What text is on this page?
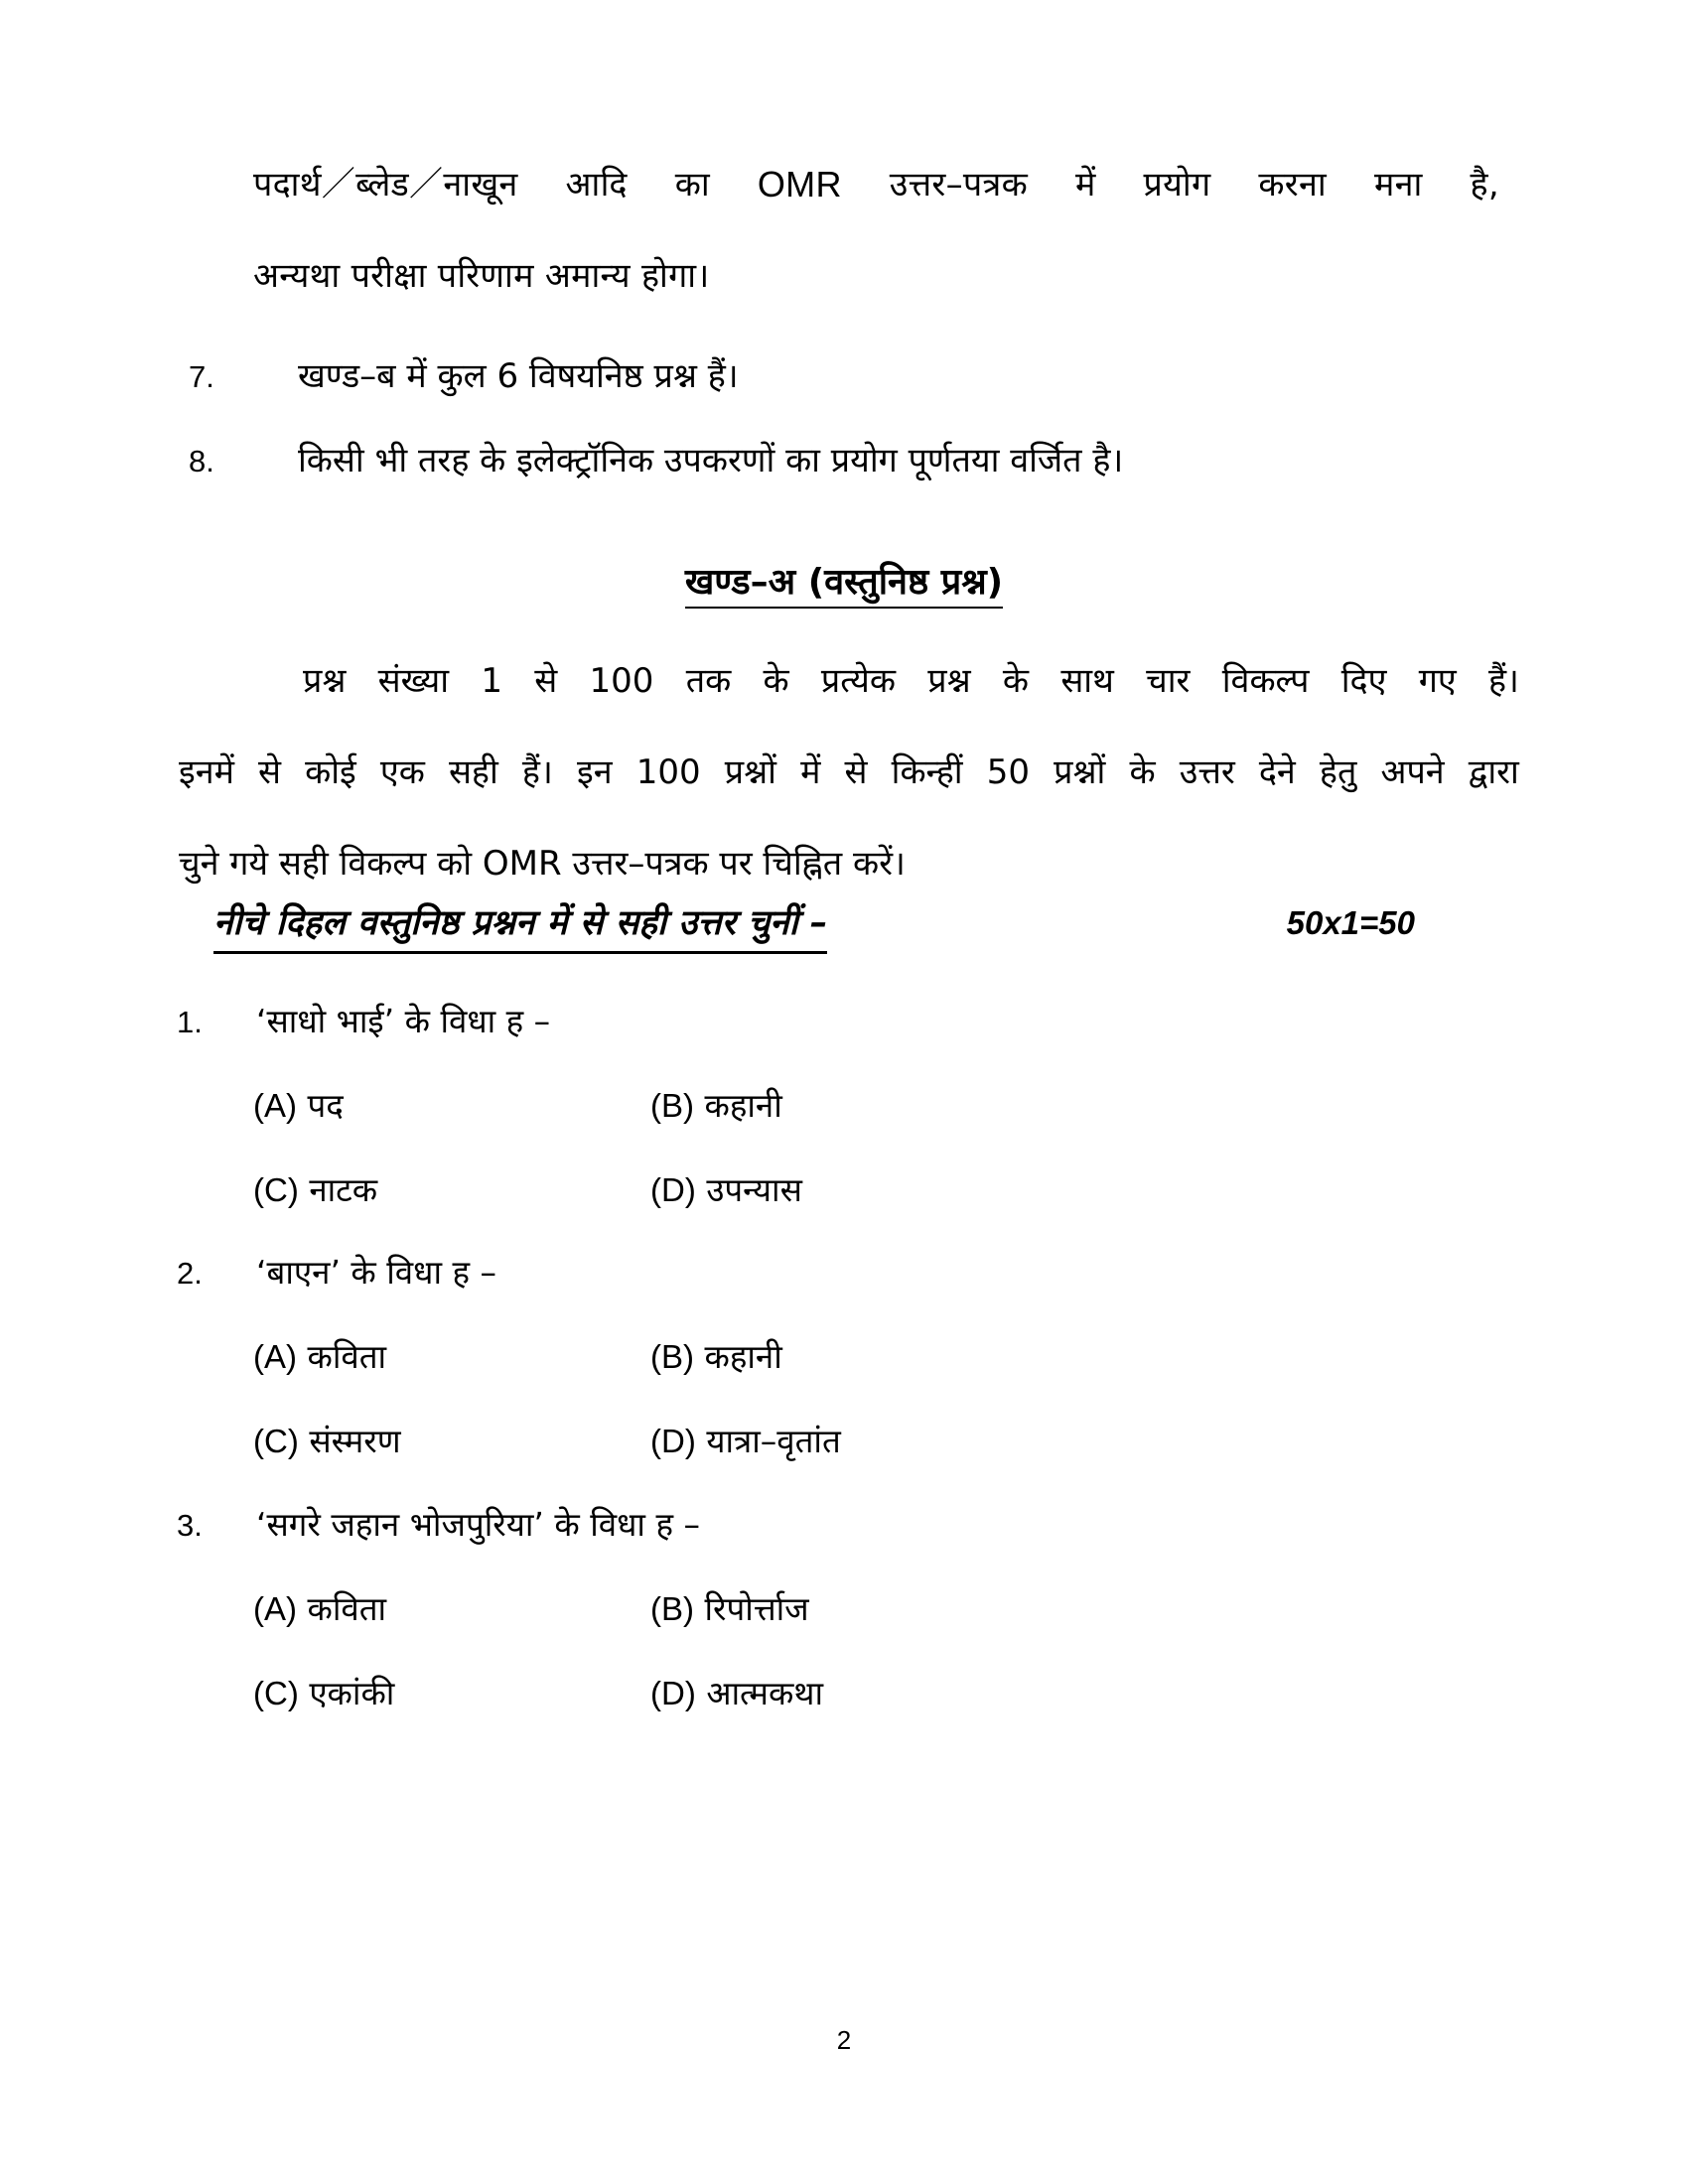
पदार्थ／ब्लेड／नाखून आदि का OMR उत्तर–पत्रक में प्रयोग करना मना है,
अन्यथा परीक्षा परिणाम अमान्य होगा।
7.	खण्ड–ब में कुल 6 विषयनिष्ठ प्रश्न हैं।
8.	किसी भी तरह के इलेक्ट्रॉनिक उपकरणों का प्रयोग पूर्णतया वर्जित है।
खण्ड–अ (वस्तुनिष्ठ प्रश्न)
प्रश्न संख्या 1 से 100 तक के प्रत्येक प्रश्न के साथ चार विकल्प दिए गए हैं।
इनमें से कोई एक सही हैं। इन 100 प्रश्नों में से किन्हीं 50 प्रश्नों के उत्तर देने हेतु अपने द्वारा
चुने गये सही विकल्प को OMR उत्तर–पत्रक पर चिह्नित करें।
नीचे दिहल वस्तुनिष्ठ प्रश्नन में से सही उत्तर चुनीं –	50x1=50
1.	‘साधो भाई’ के विधा ह –
(A) पद	(B) कहानी
(C) नाटक	(D) उपन्यास
2.	‘बाएन’ के विधा ह –
(A) कविता	(B) कहानी
(C) संस्मरण	(D) यात्रा–वृतांत
3.	‘सगरे जहान भोजपुरिया’ के विधा ह –
(A) कविता	(B) रिपोर्त्ताज
(C) एकांकी	(D) आत्मकथा
2
